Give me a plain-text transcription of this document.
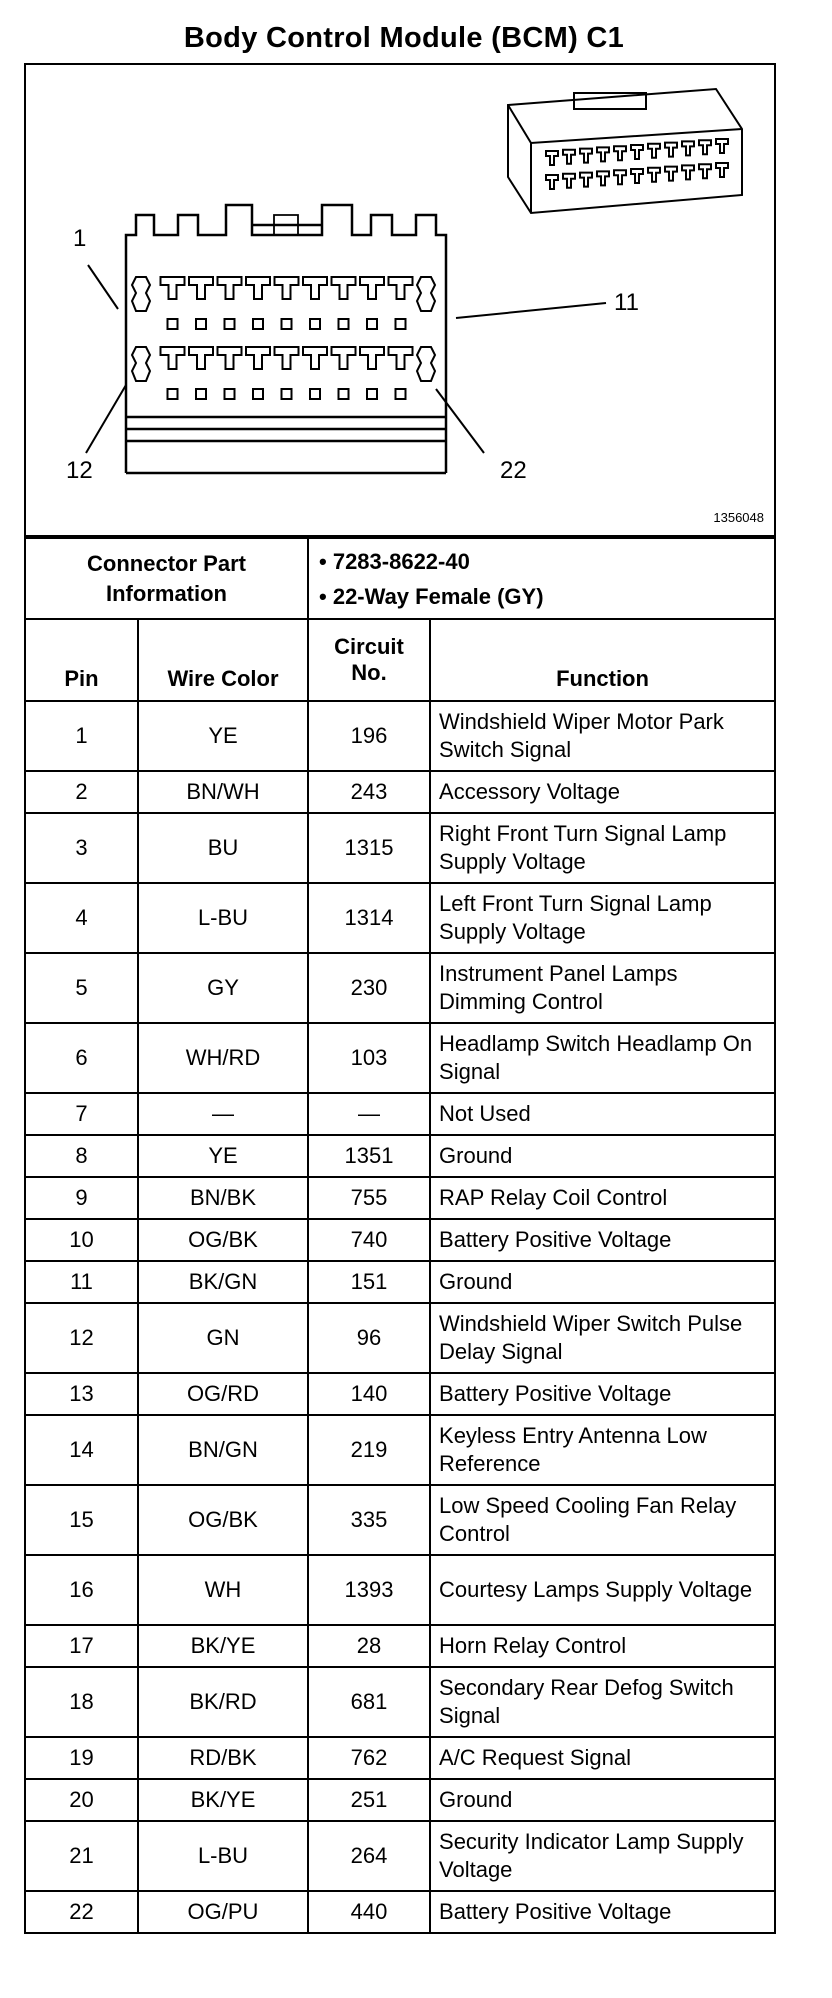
Body Control Module (BCM) C1
1
11
12	22
1356048
Connector Part Information		• 7283-8622-40
• 22-Way Female (GY)	

Pin	Wire Color	Circuit No.	Function
1	YE	196	Windshield Wiper Motor Park Switch Signal
2	BN/WH	243	Accessory Voltage
3	BU	1315	Right Front Turn Signal Lamp Supply Voltage
4	L-BU	1314	Left Front Turn Signal Lamp Supply Voltage
5	GY	230	Instrument Panel Lamps Dimming Control
6	WH/RD	103	Headlamp Switch Headlamp On Signal
7	—	—	Not Used
8	YE	1351	Ground
9	BN/BK	755	RAP Relay Coil Control
10	OG/BK	740	Battery Positive Voltage
11	BK/GN	151	Ground
12	GN	96	Windshield Wiper Switch Pulse Delay Signal
13	OG/RD	140	Battery Positive Voltage
14	BN/GN	219	Keyless Entry Antenna Low Reference
15	OG/BK	335	Low Speed Cooling Fan Relay Control
16	WH	1393	Courtesy Lamps Supply Voltage
17	BK/YE	28	Horn Relay Control
18	BK/RD	681	Secondary Rear Defog Switch Signal
19	RD/BK	762	A/C Request Signal
20	BK/YE	251	Ground
21	L-BU	264	Security Indicator Lamp Supply Voltage
22	OG/PU	440	Battery Positive Voltage
